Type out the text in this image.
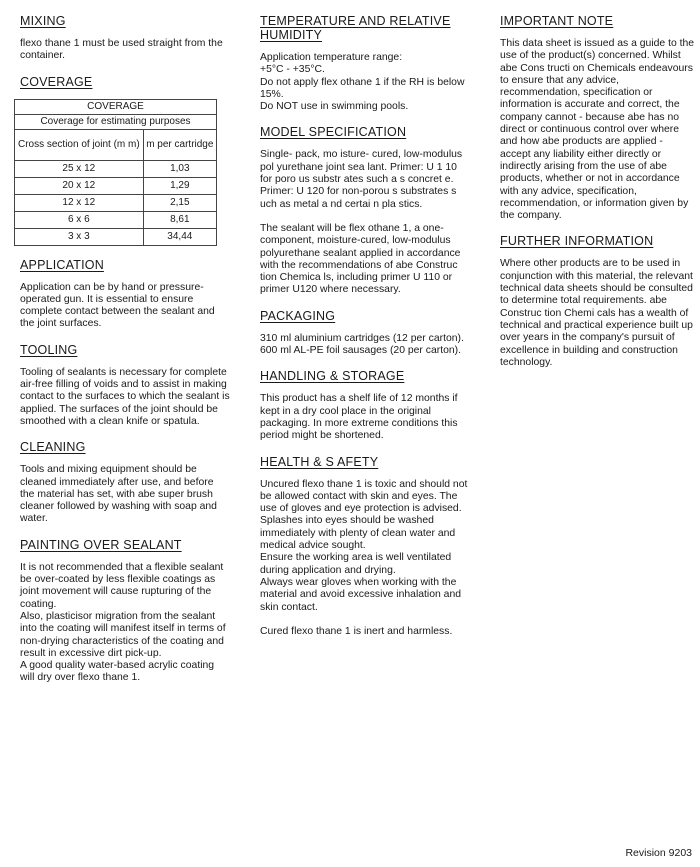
MIXING

flexo thane 1 must be used straight from the container.

COVERAGE
COVERAGE	
Coverage for estimating purposes	
Cross section of joint (m m)	m per cartridge
25 x 12	1,03
20 x 12	1,29
12 x 12	2,15
6 x 6	8,61
3 x 3	34,44
APPLICATION

Application can be by hand or pressure-operated gun. It is essential to ensure complete contact between the sealant and the joint surfaces.

TOOLING

Tooling of sealants is necessary for complete air-free filling of voids and to assist in making contact to the surfaces to which the sealant is applied. The surfaces of the joint should be smoothed with a clean knife or spatula.

CLEANING

Tools and mixing equipment should be cleaned immediately after use, and before the material has set, with abe super brush cleaner followed by washing with soap and water.

PAINTING OVER SEALANT

It is not recommended that a flexible sealant be over-coated by less flexible coatings as joint movement will cause rupturing of the coating.

Also, plasticisor migration from the sealant into the coating will manifest itself in terms of non-drying characteristics of the coating and result in excessive dirt pick-up.

A good quality water-based acrylic coating will dry over flexo thane 1.

TEMPERATURE AND RELATIVE HUMIDITY

Application temperature range:

+5°C - +35°C.

Do not apply flex othane 1 if the RH is below 15%.

Do NOT use in swimming pools.

MODEL SPECIFICATION

Single- pack, mo isture- cured, low-modulus pol yurethane joint sea lant. Primer: U 1 10 for poro us substr ates such a s concret e. Primer: U 120 for non-porou s substrates s uch as metal a nd certai n pla stics.

The sealant will be flex othane 1, a one-component, moisture-cured, low-modulus polyurethane sealant applied in accordance with the recommendations of abe Construc tion Chemica ls, including primer U 110 or primer U120 where necessary.

PACKAGING

310 ml aluminium cartridges (12 per carton).

600 ml AL-PE foil sausages (20 per carton).

HANDLING & STORAGE

This product has a shelf life of 12 months if kept in a dry cool place in the original packaging. In more extreme conditions this period might be shortened.

HEALTH & S AFETY

Uncured flexo thane 1 is toxic and should not be allowed contact with skin and eyes. The use of gloves and eye protection is advised. Splashes into eyes should be washed immediately with plenty of clean water and medical advice sought.

Ensure the working area is well ventilated during application and drying.

Always wear gloves when working with the material and avoid excessive inhalation and skin contact.

Cured flexo thane 1 is inert and harmless.

IMPORTANT NOTE

This data sheet is issued as a guide to the use of the product(s) concerned. Whilst abe Cons tructi on Chemicals endeavours to ensure that any advice, recommendation, specification or information is accurate and correct, the company cannot - because abe has no direct or continuous control over where and how abe products are applied - accept any liability either directly or indirectly arising from the use of abe products, whether or not in accordance with any advice, specification, recommendation, or information given by the company.

FURTHER INFORMATION

Where other products are to be used in conjunction with this material, the relevant technical data sheets should be consulted to determine total requirements. abe Construc tion Chemi cals has a wealth of technical and practical experience built up over years in the company's pursuit of excellence in building and construction technology.

Revision 9203
